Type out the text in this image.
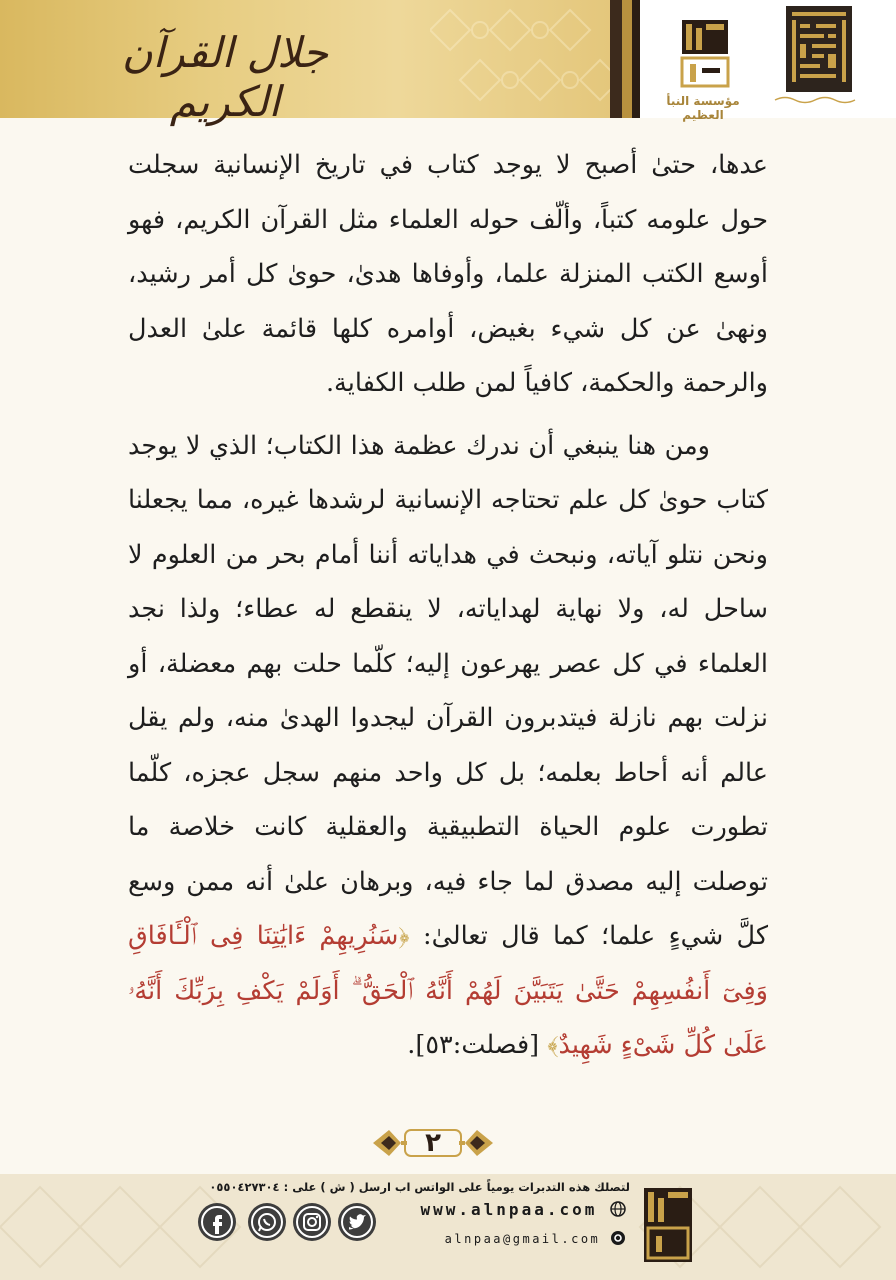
جلال القرآن الكريم	مؤسسة النبأ العظيم

عدها، حتىٰ أصبح لا يوجد كتاب في تاريخ الإنسانية سجلت حول علومه كتباً، وألّف حوله العلماء مثل القرآن الكريم، فهو أوسع الكتب المنزلة علما، وأوفاها هدىٰ، حوىٰ كل أمر رشيد، ونهىٰ عن كل شيء بغيض، أوامره كلها قائمة علىٰ العدل والرحمة والحكمة، كافياً لمن طلب الكفاية.

ومن هنا ينبغي أن ندرك عظمة هذا الكتاب؛ الذي لا يوجد كتاب حوىٰ كل علم تحتاجه الإنسانية لرشدها غيره، مما يجعلنا ونحن نتلو آياته، ونبحث في هداياته أننا أمام بحر من العلوم لا ساحل له، ولا نهاية لهداياته، لا ينقطع له عطاء؛ ولذا نجد العلماء في كل عصر يهرعون إليه؛ كلّما حلت بهم معضلة، أو نزلت بهم نازلة فيتدبرون القرآن ليجدوا الهدىٰ منه، ولم يقل عالم أنه أحاط بعلمه؛ بل كل واحد منهم سجل عجزه، كلّما تطورت علوم الحياة التطبيقية والعقلية كانت خلاصة ما توصلت إليه مصدق لما جاء فيه، وبرهان علىٰ أنه ممن وسع كلَّ شيءٍ علما؛ كما قال تعالىٰ: ﴿سَنُرِيهِمْ ءَايَٰتِنَا فِى ٱلْـَٔافَاقِ وَفِىٓ أَنفُسِهِمْ حَتَّىٰ يَتَبَيَّنَ لَهُمْ أَنَّهُ ٱلْحَقُّ ۗ أَوَلَمْ يَكْفِ بِرَبِّكَ أَنَّهُۥ عَلَىٰ كُلِّ شَىْءٍ شَهِيدٌ﴾ [فصلت:٥٣].

٢
لتصلك هذه التدبرات يومياً على الواتس اب ارسل ( ش ) على : ٠٥٥٠٤٢٧٣٠٤
www.alnpaa.com
alnpaa@gmail.com
